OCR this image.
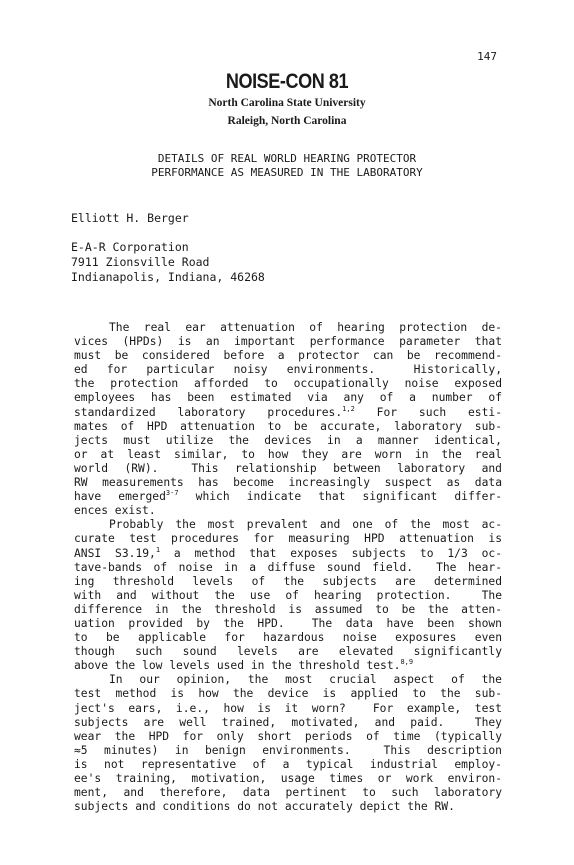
147
NOISE-CON 81
North Carolina State University
Raleigh, North Carolina
DETAILS OF REAL WORLD HEARING PROTECTOR
PERFORMANCE AS MEASURED IN THE LABORATORY
Elliott H. Berger
E-A-R Corporation
7911 Zionsville Road
Indianapolis, Indiana, 46268
The real ear attenuation of hearing protection de-
vices (HPDs) is an important performance parameter that
must be considered before a protector can be recommend-
ed for particular noisy environments.  Historically,
the protection afforded to occupationally noise exposed
employees has been estimated via any of a number of
standardized laboratory procedures.$^{1,2}$ For such esti-
mates of HPD attenuation to be accurate, laboratory sub-
jects must utilize the devices in a manner identical,
or at least similar, to how they are worn in the real
world (RW).  This relationship between laboratory and
RW measurements has become increasingly suspect as data
have emerged$^{3-7}$ which indicate that significant differ-
ences exist.
Probably the most prevalent and one of the most ac-
curate test procedures for measuring HPD attenuation is
ANSI S3.19,$^1$ a method that exposes subjects to 1/3 oc-
tave-bands of noise in a diffuse sound field.  The hear-
ing threshold levels of the subjects are determined
with and without the use of hearing protection.  The
difference in the threshold is assumed to be the atten-
uation provided by the HPD.  The data have been shown
to be applicable for hazardous noise exposures even
though such sound levels are elevated significantly
above the low levels used in the threshold test.$^{8,9}$
In our opinion, the most crucial aspect of the
test method is how the device is applied to the sub-
ject's ears, i.e., how is it worn?  For example, test
subjects are well trained, motivated, and paid.  They
wear the HPD for only short periods of time (typically
≈5 minutes) in benign environments.  This description
is not representative of a typical industrial employ-
ee's training, motivation, usage times or work environ-
ment, and therefore, data pertinent to such laboratory
subjects and conditions do not accurately depict the RW.
